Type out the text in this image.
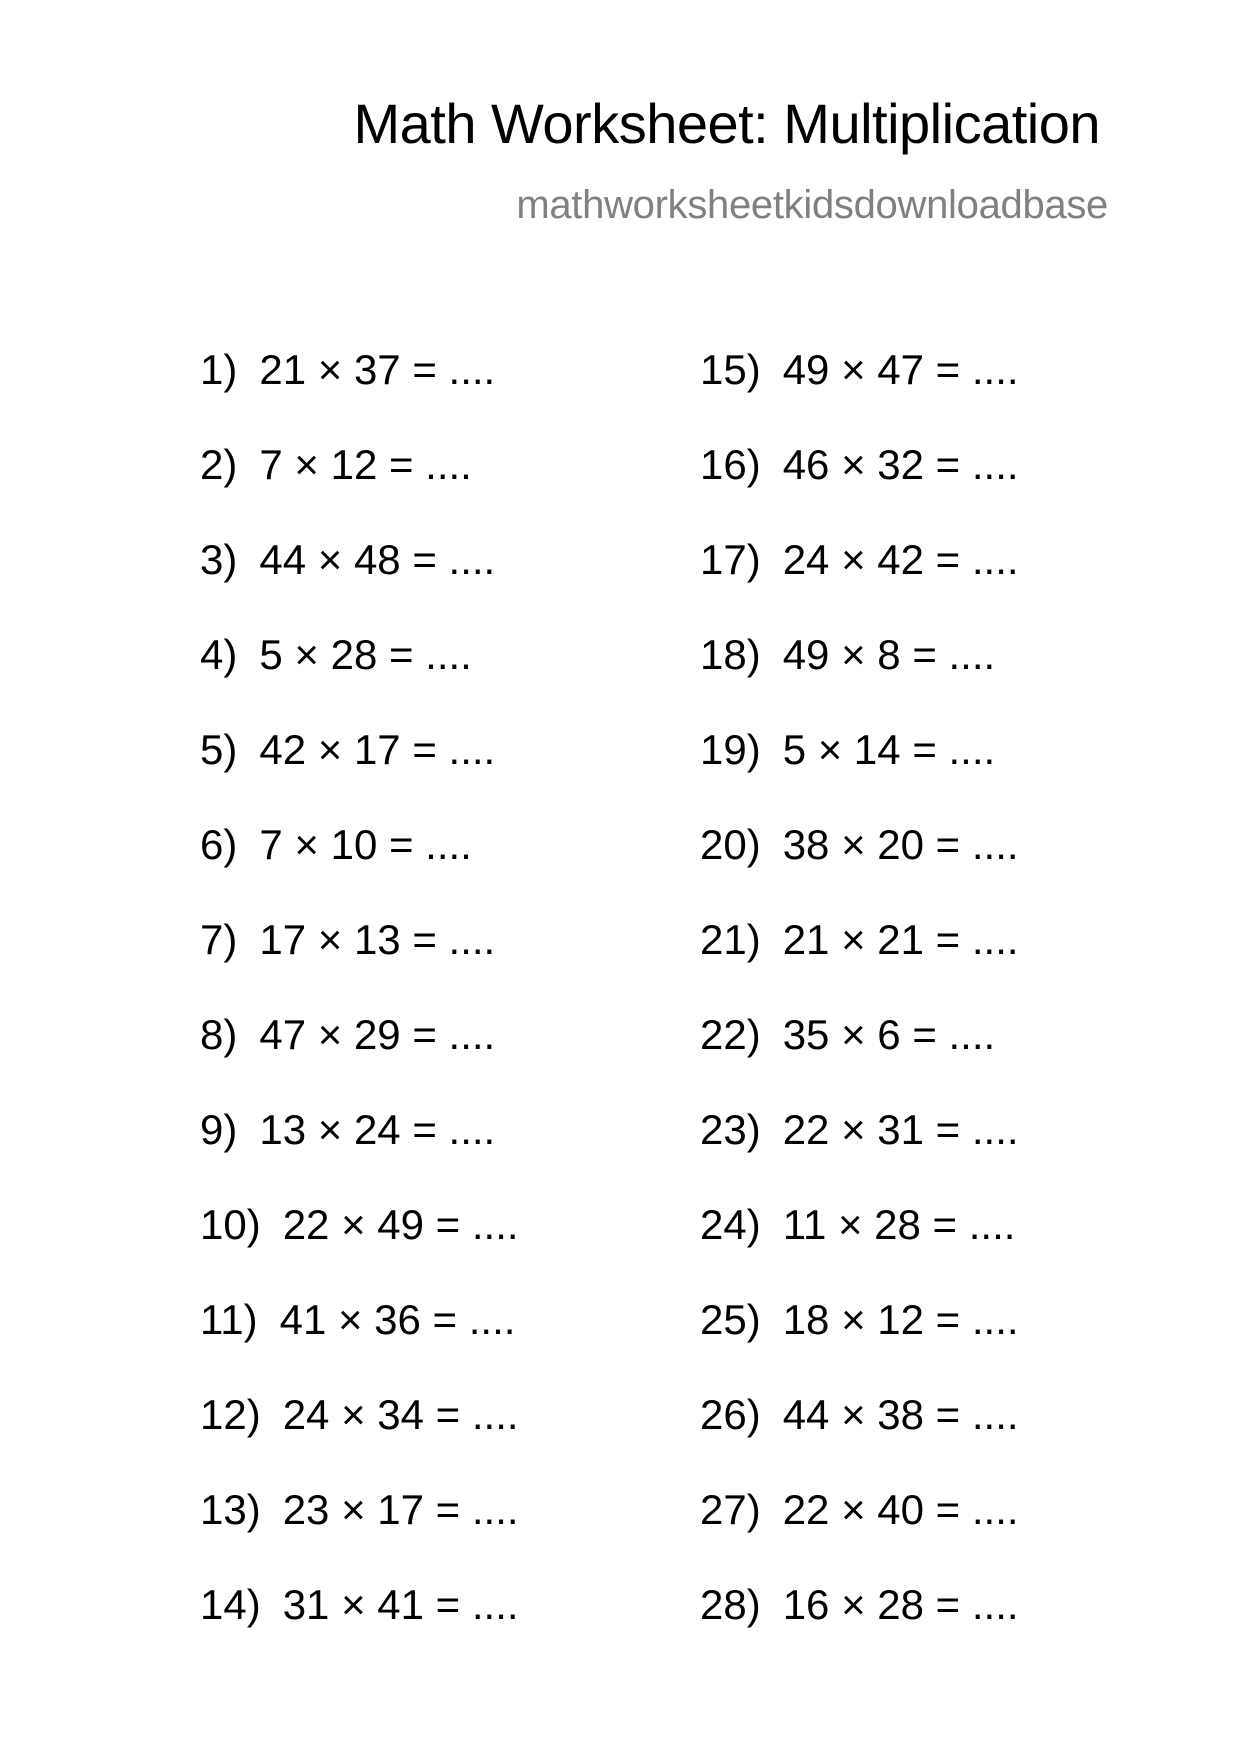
Math Worksheet: Multiplication
mathworksheetkidsdownloadbase
1) 21 × 37 = ....
2) 7 × 12 = ....
3) 44 × 48 = ....
4) 5 × 28 = ....
5) 42 × 17 = ....
6) 7 × 10 = ....
7) 17 × 13 = ....
8) 47 × 29 = ....
9) 13 × 24 = ....
10) 22 × 49 = ....
11) 41 × 36 = ....
12) 24 × 34 = ....
13) 23 × 17 = ....
14) 31 × 41 = ....
15) 49 × 47 = ....
16) 46 × 32 = ....
17) 24 × 42 = ....
18) 49 × 8 = ....
19) 5 × 14 = ....
20) 38 × 20 = ....
21) 21 × 21 = ....
22) 35 × 6 = ....
23) 22 × 31 = ....
24) 11 × 28 = ....
25) 18 × 12 = ....
26) 44 × 38 = ....
27) 22 × 40 = ....
28) 16 × 28 = ....
